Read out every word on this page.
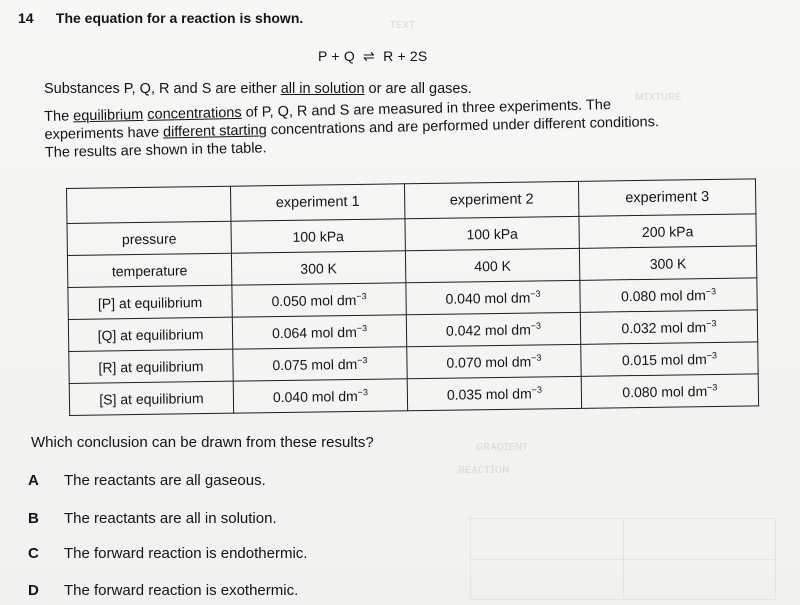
ᴛᴇxᴛ
ᴍɪxᴛᴜʀᴇ
ɢʀᴀᴅɪᴇɴᴛ
ʀᴇᴀᴄᴛɪᴏɴ
14 The equation for a reaction is shown.
P + Q ⇌ R + 2S
Substances P, Q, R and S are either all in solution or are all gases.
The equilibrium concentrations of P, Q, R and S are measured in three experiments. The
experiments have different starting concentrations and are performed under different conditions.
The results are shown in the table.
	experiment 1	experiment 2	experiment 3
pressure	100 kPa	100 kPa	200 kPa
temperature	300 K	400 K	300 K
[P] at equilibrium	0.050 mol $dm^{-3}$	0.040 mol $dm^{-3}$	0.080 mol $dm^{-3}$
[Q] at equilibrium	0.064 mol $dm^{-3}$	0.042 mol $dm^{-3}$	0.032 mol $dm^{-3}$
[R] at equilibrium	0.075 mol $dm^{-3}$	0.070 mol $dm^{-3}$	0.015 mol $dm^{-3}$
[S] at equilibrium	0.040 mol $dm^{-3}$	0.035 mol $dm^{-3}$	0.080 mol $dm^{-3}$
Which conclusion can be drawn from these results?
A	The reactants are all gaseous.
B	The reactants are all in solution.
C	The forward reaction is endothermic.
D	The forward reaction is exothermic.
